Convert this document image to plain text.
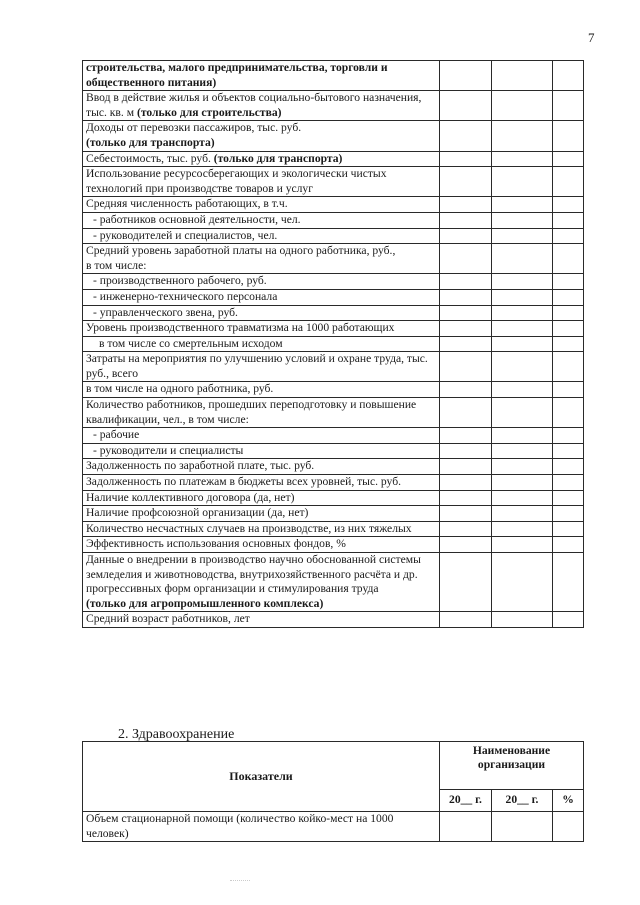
7
строительства, малого предпринимательства, торговли и общественного питания)			
Ввод в действие жилья и объектов социально-бытового назначения, тыс. кв. м (только для строительства)			
Доходы от перевозки пассажиров, тыс. руб.
(только для транспорта)			
Себестоимость, тыс. руб. (только для транспорта)			
Использование ресурсосберегающих и экологически чистых технологий при производстве товаров и услуг			
Средняя численность работающих, в т.ч.			
- работников основной деятельности, чел.			
- руководителей и специалистов, чел.			
Средний уровень заработной платы на одного работника, руб.,
в том числе:			
- производственного рабочего, руб.			
- инженерно-технического персонала			
- управленческого звена, руб.			
Уровень производственного травматизма на 1000 работающих			
в том числе со смертельным исходом			
Затраты на мероприятия по улучшению условий и охране труда, тыс. руб., всего			
в том числе на одного работника, руб.			
Количество работников, прошедших переподготовку и повышение квалификации, чел., в том числе:			
- рабочие			
- руководители и специалисты			
Задолженность по заработной плате, тыс. руб.			
Задолженность по платежам в бюджеты всех уровней, тыс. руб.			
Наличие коллективного договора (да, нет)			
Наличие профсоюзной организации (да, нет)			
Количество несчастных случаев на производстве, из них тяжелых			
Эффективность использования основных фондов, %			
Данные о внедрении в производство научно обоснованной системы земледелия и животноводства, внутрихозяйственного расчёта и др. прогрессивных форм организации и стимулирования труда
(только для агропромышленного комплекса)			
Средний возраст работников, лет			
2. Здравоохранение
Показатели	Наименование организации		
	20__ г.	20__ г.	%
Объем стационарной помощи (количество койко-мест на 1000 человек)			
